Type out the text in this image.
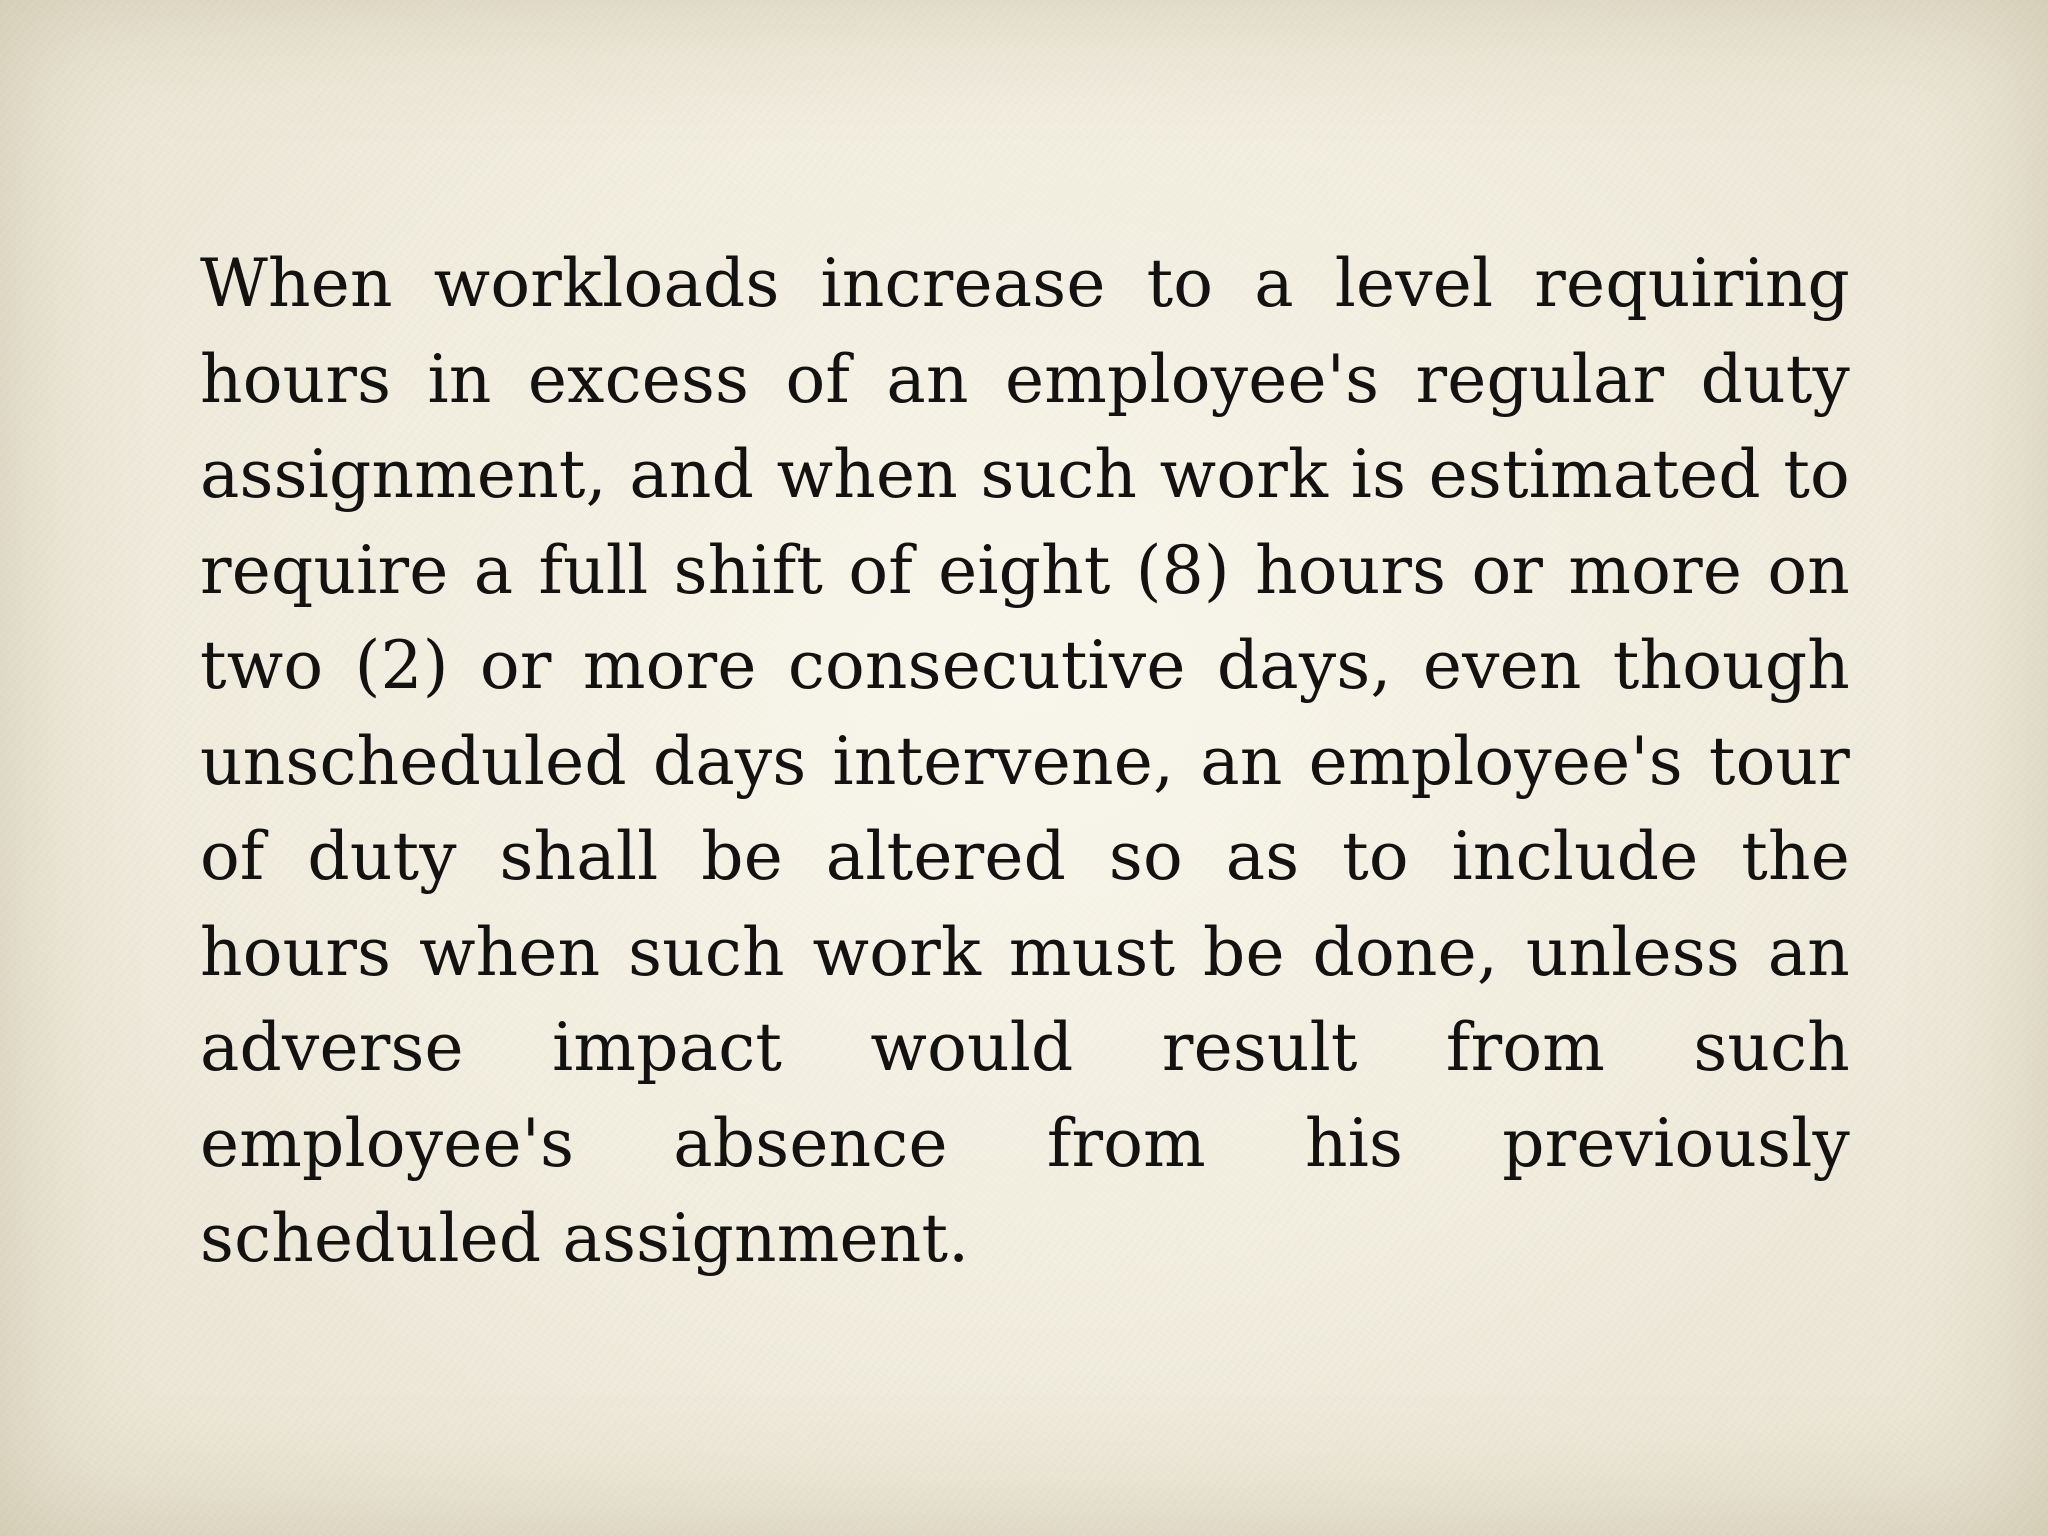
When workloads increase to a level requiring hours in excess of an employee's regular duty assignment, and when such work is estimated to require a full shift of eight (8) hours or more on two (2) or more consecutive days, even though unscheduled days intervene, an employee's tour of duty shall be altered so as to include the hours when such work must be done, unless an adverse impact would result from such employee's absence from his previously scheduled assignment.
